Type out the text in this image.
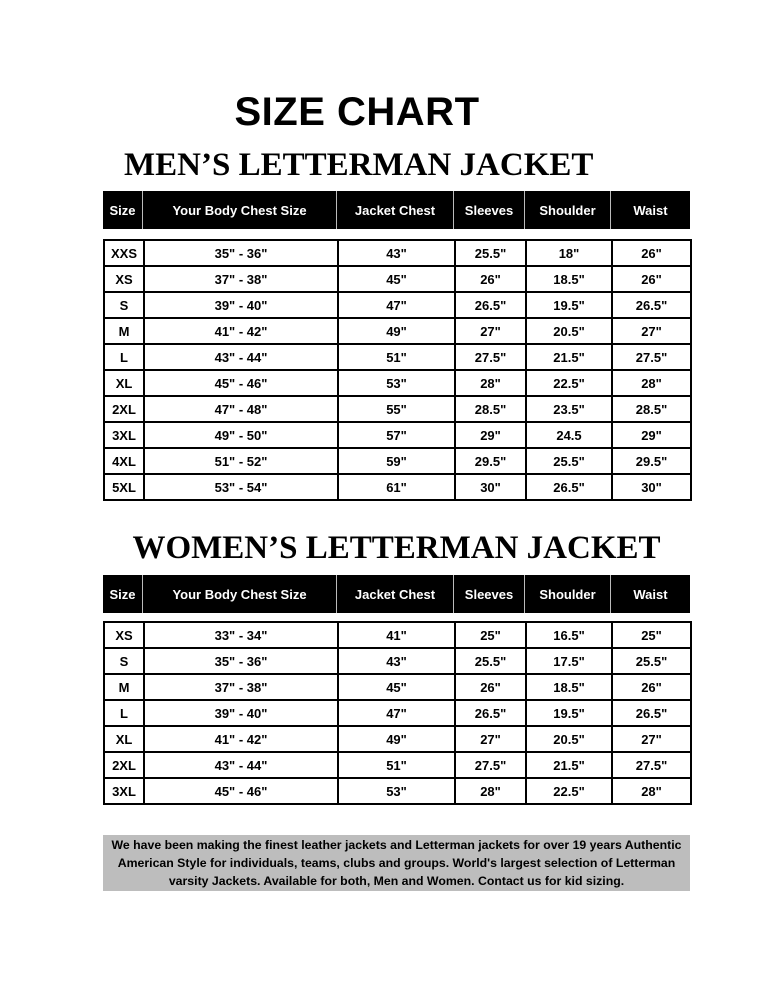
SIZE CHART
MEN’S LETTERMAN JACKET
Size	Your Body Chest Size	Jacket Chest	Sleeves	Shoulder	Waist
XXS	35" - 36"	43"	25.5"	18"	26"
XS	37" - 38"	45"	26"	18.5"	26"
S	39" - 40"	47"	26.5"	19.5"	26.5"
M	41" - 42"	49"	27"	20.5"	27"
L	43" - 44"	51"	27.5"	21.5"	27.5"
XL	45" - 46"	53"	28"	22.5"	28"
2XL	47" - 48"	55"	28.5"	23.5"	28.5"
3XL	49" - 50"	57"	29"	24.5	29"
4XL	51" - 52"	59"	29.5"	25.5"	29.5"
5XL	53" - 54"	61"	30"	26.5"	30"
WOMEN’S LETTERMAN JACKET
Size	Your Body Chest Size	Jacket Chest	Sleeves	Shoulder	Waist
XS	33" - 34"	41"	25"	16.5"	25"
S	35" - 36"	43"	25.5"	17.5"	25.5"
M	37" - 38"	45"	26"	18.5"	26"
L	39" - 40"	47"	26.5"	19.5"	26.5"
XL	41" - 42"	49"	27"	20.5"	27"
2XL	43" - 44"	51"	27.5"	21.5"	27.5"
3XL	45" - 46"	53"	28"	22.5"	28"
We have been making the finest leather jackets and Letterman jackets for over 19 years Authentic American Style for individuals, teams, clubs and groups. World's largest selection of Letterman varsity Jackets. Available for both, Men and Women. Contact us for kid sizing.
